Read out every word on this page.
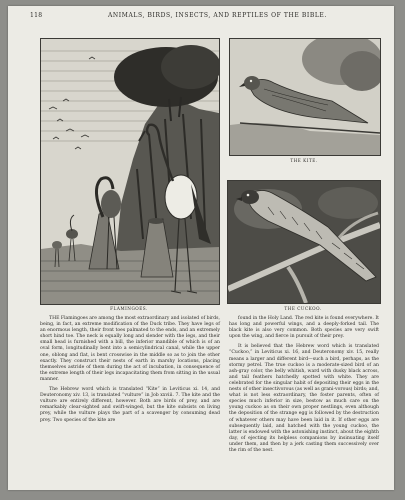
118	ANIMALS, BIRDS, INSECTS, AND REPTILES OF THE BIBLE.
FLAMINGOES.
THE KITE.
THE CUCKOO.

THE Flamingoes are among the most extraordinary and isolated of birds, being, in fact, an extreme modification of the Duck tribe. They have legs of an enormous length, their front toes palmated to the ends, and an extremely short hind toe. The neck is equally long and slender with the legs, and their small head is furnished with a bill, the inferior mandible of which is of an oval form, longitudinally bent into a semicylindrical canal, while the upper one, oblong and flat, is bent crosswise in the middle so as to join the other exactly. They construct their nests of earth in marshy locations, placing themselves astride of them during the act of incubation, in consequence of the extreme length of their legs incapacitating them from sitting in the usual manner.

The Hebrew word which is translated “Kite” in Leviticus xi. 14, and Deuteronomy xiv. 13, is translated “vulture” in Job xxviii. 7. The kite and the vulture are entirely different, however. Both are birds of prey, and are remarkably clear-sighted and swift-winged, but the kite subsists on living prey, while the vulture plays the part of a scavenger by consuming dead prey. Two species of the kite are

found in the Holy Land. The red kite is found everywhere. It has long and powerful wings, and a deeply-forked tail. The black kite is also very common. Both species are very swift upon the wing, and fierce in pursuit of their prey.

It is believed that the Hebrew word which is translated “Cuckoo,” in Leviticus xi. 16, and Deuteronomy xiv. 15, really means a larger and different bird—such a bird, perhaps, as the stormy petrel. The true cuckoo is a moderate-sized bird of an ash-gray color, the belly whitish, ward with dusky black across, and tail feathers hatchedly spotted with white. They are celebrated for the singular habit of depositing their eggs in the nests of other insectivorous (as well as grani-vorous) birds; and, what is not less extraordinary, the foster parents, often of species much inferior in size, bestow as much care on the young cuckoo as on their own proper nestlings, even although the deposition of the strange egg is followed by the destruction of whatever others may have been laid in it. If other eggs are subsequently laid, and hatched with the young cuckoo, the latter is endowed with the astonishing instinct, about the eighth day, of ejecting its helpless companions by insinuating itself under them, and then by a jerk casting them successively over the rim of the nest.
